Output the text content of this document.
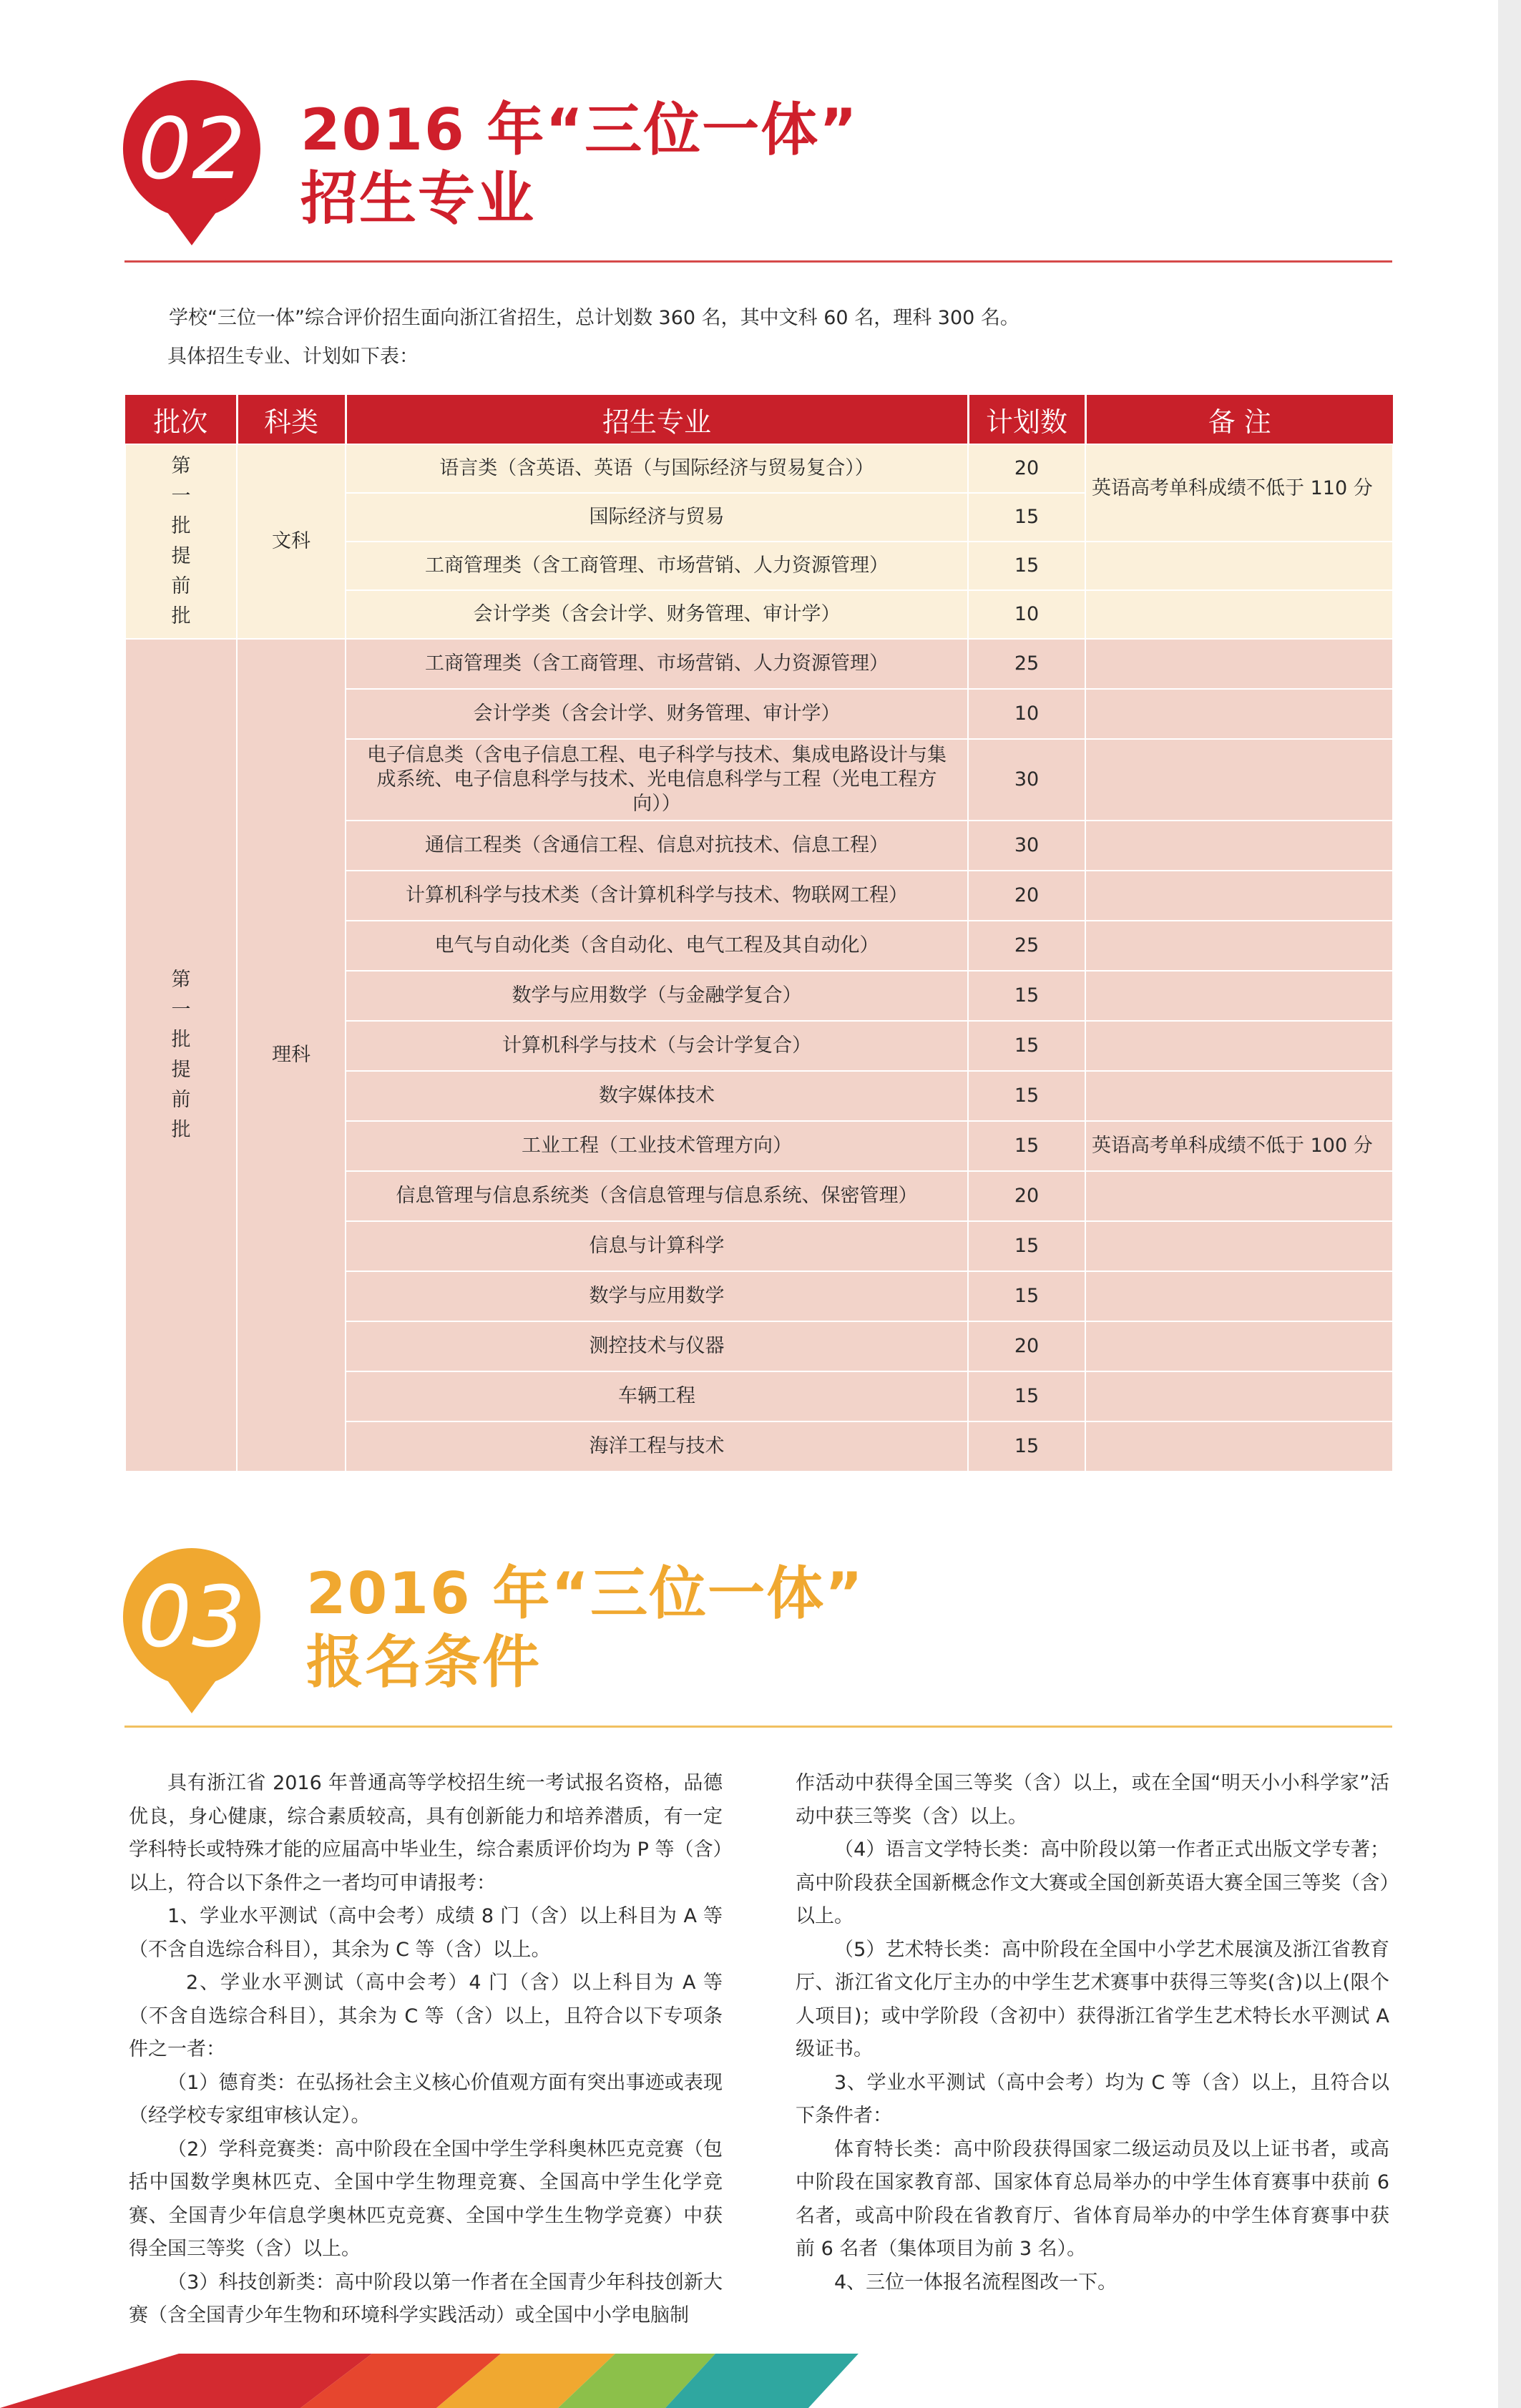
02 2016 年“三位一体”
招生专业
学校“三位一体”综合评价招生面向浙江省招生，总计划数 360 名，其中文科 60 名，理科 300 名。
具体招生专业、计划如下表：
批次	科类	招生专业	计划数	备 注
第一批提前批	文科	语言类（含英语、英语（与国际经济与贸易复合））	20	英语高考单科成绩不低于 110 分
		国际经济与贸易	15	
		工商管理类（含工商管理、市场营销、人力资源管理）	15	
		会计学类（含会计学、财务管理、审计学）	10	
第一批提前批	理科	工商管理类（含工商管理、市场营销、人力资源管理）	25	
		会计学类（含会计学、财务管理、审计学）	10	
		电子信息类（含电子信息工程、电子科学与技术、集成电路设计与集成系统、电子信息科学与技术、光电信息科学与工程（光电工程方向））	30	
		通信工程类（含通信工程、信息对抗技术、信息工程）	30	
		计算机科学与技术类（含计算机科学与技术、物联网工程）	20	
		电气与自动化类（含自动化、电气工程及其自动化）	25	
		数学与应用数学（与金融学复合）	15	
		计算机科学与技术（与会计学复合）	15	
		数字媒体技术	15	
		工业工程（工业技术管理方向）	15	英语高考单科成绩不低于 100 分
		信息管理与信息系统类（含信息管理与信息系统、保密管理）	20	
		信息与计算科学	15	
		数学与应用数学	15	
		测控技术与仪器	20	
		车辆工程	15	
		海洋工程与技术	15	
03	2016 年“三位一体”
报名条件

具有浙江省 2016 年普通高等学校招生统一考试报名资格，品德优良，身心健康，综合素质较高，具有创新能力和培养潜质，有一定学科特长或特殊才能的应届高中毕业生，综合素质评价均为 P 等（含）以上，符合以下条件之一者均可申请报考：

1、学业水平测试（高中会考）成绩 8 门（含）以上科目为 A 等（不含自选综合科目），其余为 C 等（含）以上。

2、学业水平测试（高中会考）4 门（含）以上科目为 A 等（不含自选综合科目），其余为 C 等（含）以上，且符合以下专项条件之一者：

（1）德育类：在弘扬社会主义核心价值观方面有突出事迹或表现（经学校专家组审核认定）。

（2）学科竞赛类：高中阶段在全国中学生学科奥林匹克竞赛（包括中国数学奥林匹克、全国中学生物理竞赛、全国高中学生化学竞赛、全国青少年信息学奥林匹克竞赛、全国中学生生物学竞赛）中获得全国三等奖（含）以上。

（3）科技创新类：高中阶段以第一作者在全国青少年科技创新大赛（含全国青少年生物和环境科学实践活动）或全国中小学电脑制

作活动中获得全国三等奖（含）以上，或在全国“明天小小科学家”活动中获三等奖（含）以上。

（4）语言文学特长类：高中阶段以第一作者正式出版文学专著；高中阶段获全国新概念作文大赛或全国创新英语大赛全国三等奖（含）以上。

（5）艺术特长类：高中阶段在全国中小学艺术展演及浙江省教育厅、浙江省文化厅主办的中学生艺术赛事中获得三等奖(含)以上(限个人项目)；或中学阶段（含初中）获得浙江省学生艺术特长水平测试 A 级证书。

3、学业水平测试（高中会考）均为 C 等（含）以上，且符合以下条件者：

体育特长类：高中阶段获得国家二级运动员及以上证书者，或高中阶段在国家教育部、国家体育总局举办的中学生体育赛事中获前 6 名者，或高中阶段在省教育厅、省体育局举办的中学生体育赛事中获前 6 名者（集体项目为前 3 名）。

4、三位一体报名流程图改一下。
